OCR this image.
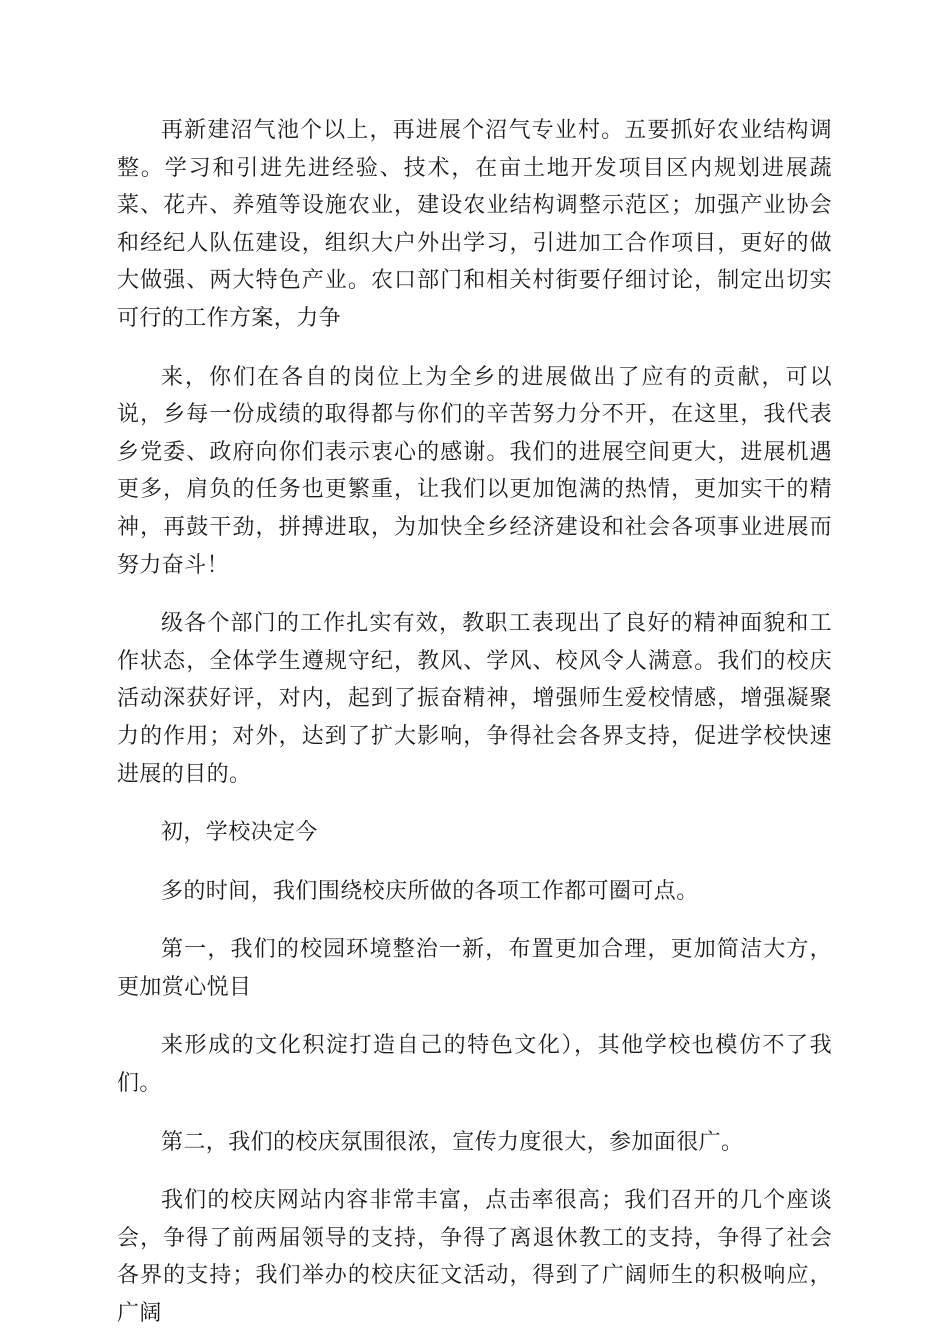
再新建沼气池个以上，再进展个沼气专业村。五要抓好农业结构调整。学习和引进先进经验、技术，在亩土地开发项目区内规划进展蔬菜、花卉、养殖等设施农业，建设农业结构调整示范区；加强产业协会和经纪人队伍建设，组织大户外出学习，引进加工合作项目，更好的做大做强、两大特色产业。农口部门和相关村街要仔细讨论，制定出切实可行的工作方案，力争

来，你们在各自的岗位上为全乡的进展做出了应有的贡献，可以说，乡每一份成绩的取得都与你们的辛苦努力分不开，在这里，我代表乡党委、政府向你们表示衷心的感谢。我们的进展空间更大，进展机遇更多，肩负的任务也更繁重，让我们以更加饱满的热情，更加实干的精神，再鼓干劲，拼搏进取，为加快全乡经济建设和社会各项事业进展而努力奋斗！

级各个部门的工作扎实有效，教职工表现出了良好的精神面貌和工作状态，全体学生遵规守纪，教风、学风、校风令人满意。我们的校庆活动深获好评，对内，起到了振奋精神，增强师生爱校情感，增强凝聚力的作用；对外，达到了扩大影响，争得社会各界支持，促进学校快速进展的目的。

初，学校决定今

多的时间，我们围绕校庆所做的各项工作都可圈可点。

第一，我们的校园环境整治一新，布置更加合理，更加简洁大方，更加赏心悦目

来形成的文化积淀打造自己的特色文化），其他学校也模仿不了我们。

第二，我们的校庆氛围很浓，宣传力度很大，参加面很广。

我们的校庆网站内容非常丰富，点击率很高；我们召开的几个座谈会，争得了前两届领导的支持，争得了离退休教工的支持，争得了社会各界的支持；我们举办的校庆征文活动，得到了广阔师生的积极响应，广阔
